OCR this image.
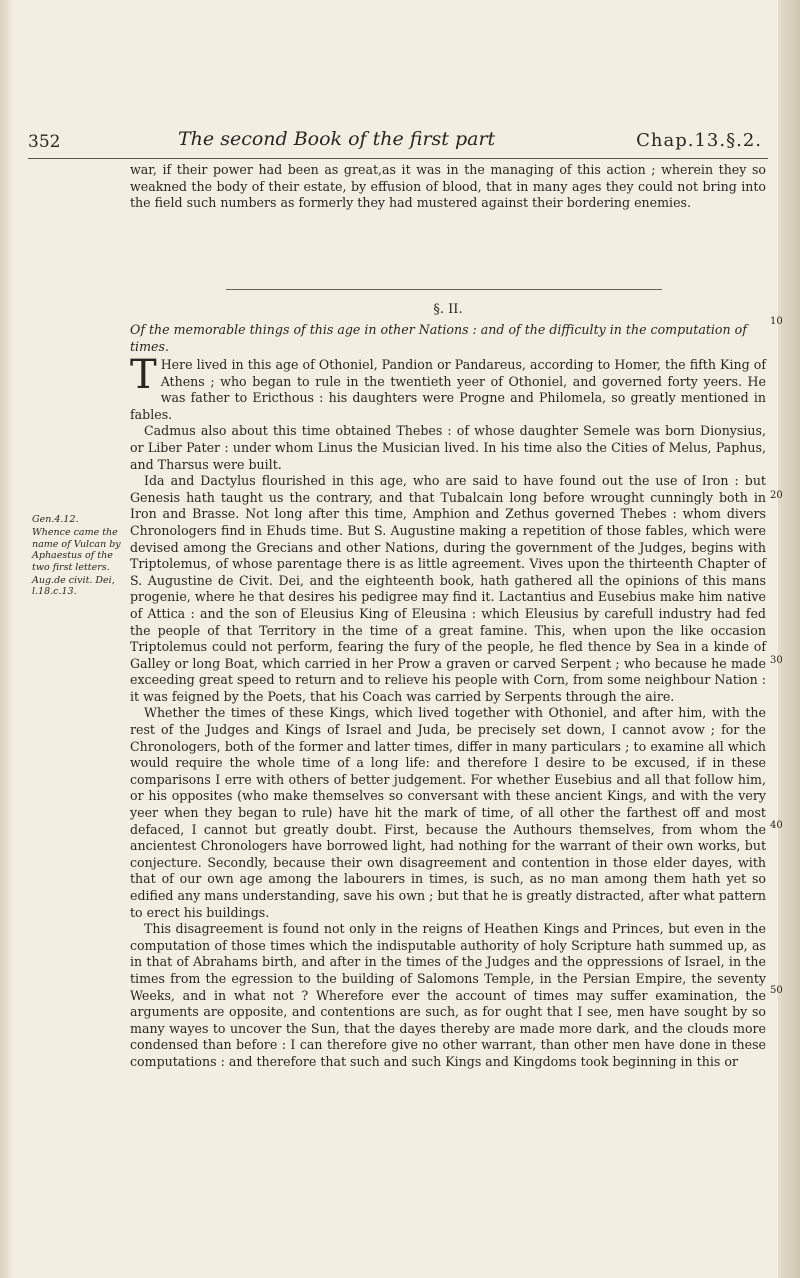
352	The second Book of the first part	Chap.13.§.2.

war, if their power had been as great,as it was in the managing of this action ; wherein they so weakned the body of their estate, by effusion of blood, that in many ages they could not bring into the field such numbers as formerly they had mustered against their bordering enemies.

§. II.
Of the memorable things of this age in other Nations : and of the difficulty in the computation of times.

T Here lived in this age of Othoniel, Pandion or Pandareus, according to Homer, the fifth King of Athens ; who began to rule in the twentieth yeer of Othoniel, and governed forty yeers. He was father to Ericthous : his daughters were Progne and Philomela, so greatly mentioned in fables.

Cadmus also about this time obtained Thebes : of whose daughter Semele was born Dionysius, or Liber Pater : under whom Linus the Musician lived. In his time also the Cities of Melus, Paphus, and Tharsus were built.

Ida and Dactylus flourished in this age, who are said to have found out the use of Iron : but Genesis hath taught us the contrary, and that Tubalcain long before wrought cunningly both in Iron and Brasse. Not long after this time, Amphion and Zethus governed Thebes : whom divers Chronologers find in Ehuds time. But S. Augustine making a repetition of those fables, which were devised among the Grecians and other Nations, during the government of the Judges, begins with Triptolemus, of whose parentage there is as little agreement. Vives upon the thirteenth Chapter of S. Augustine de Civit. Dei, and the eighteenth book, hath gathered all the opinions of this mans progenie, where he that desires his pedigree may find it. Lactantius and Eusebius make him native of Attica : and the son of Eleusius King of Eleusina : which Eleusius by carefull industry had fed the people of that Territory in the time of a great famine. This, when upon the like occasion Triptolemus could not perform, fearing the fury of the people, he fled thence by Sea in a kinde of Galley or long Boat, which carried in her Prow a graven or carved Serpent ; who because he made exceeding great speed to return and to relieve his people with Corn, from some neighbour Nation : it was feigned by the Poets, that his Coach was carried by Serpents through the aire.

Whether the times of these Kings, which lived together with Othoniel, and after him, with the rest of the Judges and Kings of Israel and Juda, be precisely set down, I cannot avow ; for the Chronologers, both of the former and latter times, differ in many particulars ; to examine all which would require the whole time of a long life: and therefore I desire to be excused, if in these comparisons I erre with others of better judgement. For whether Eusebius and all that follow him, or his opposites (who make themselves so conversant with these ancient Kings, and with the very yeer when they began to rule) have hit the mark of time, of all other the farthest off and most defaced, I cannot but greatly doubt. First, because the Authours themselves, from whom the ancientest Chronologers have borrowed light, had nothing for the warrant of their own works, but conjecture. Secondly, because their own disagreement and contention in those elder dayes, with that of our own age among the labourers in times, is such, as no man among them hath yet so edified any mans understanding, save his own ; but that he is greatly distracted, after what pattern to erect his buildings.

This disagreement is found not only in the reigns of Heathen Kings and Princes, but even in the computation of those times which the indisputable authority of holy Scripture hath summed up, as in that of Abrahams birth, and after in the times of the Judges and the oppressions of Israel, in the times from the egression to the building of Salomons Temple, in the Persian Empire, the seventy Weeks, and in what not ? Wherefore ever the account of times may suffer examination, the arguments are opposite, and contentions are such, as for ought that I see, men have sought by so many wayes to uncover the Sun, that the dayes thereby are made more dark, and the clouds more condensed than before : I can therefore give no other warrant, than other men have done in these computations : and therefore that such and such Kings and Kingdoms took beginning in this or

Gen.4.12.

Whence came the name of Vulcan by Aphaestus of the two first letters.

Aug.de civit. Dei, l.18.c.13.

10
20
30
40
50
